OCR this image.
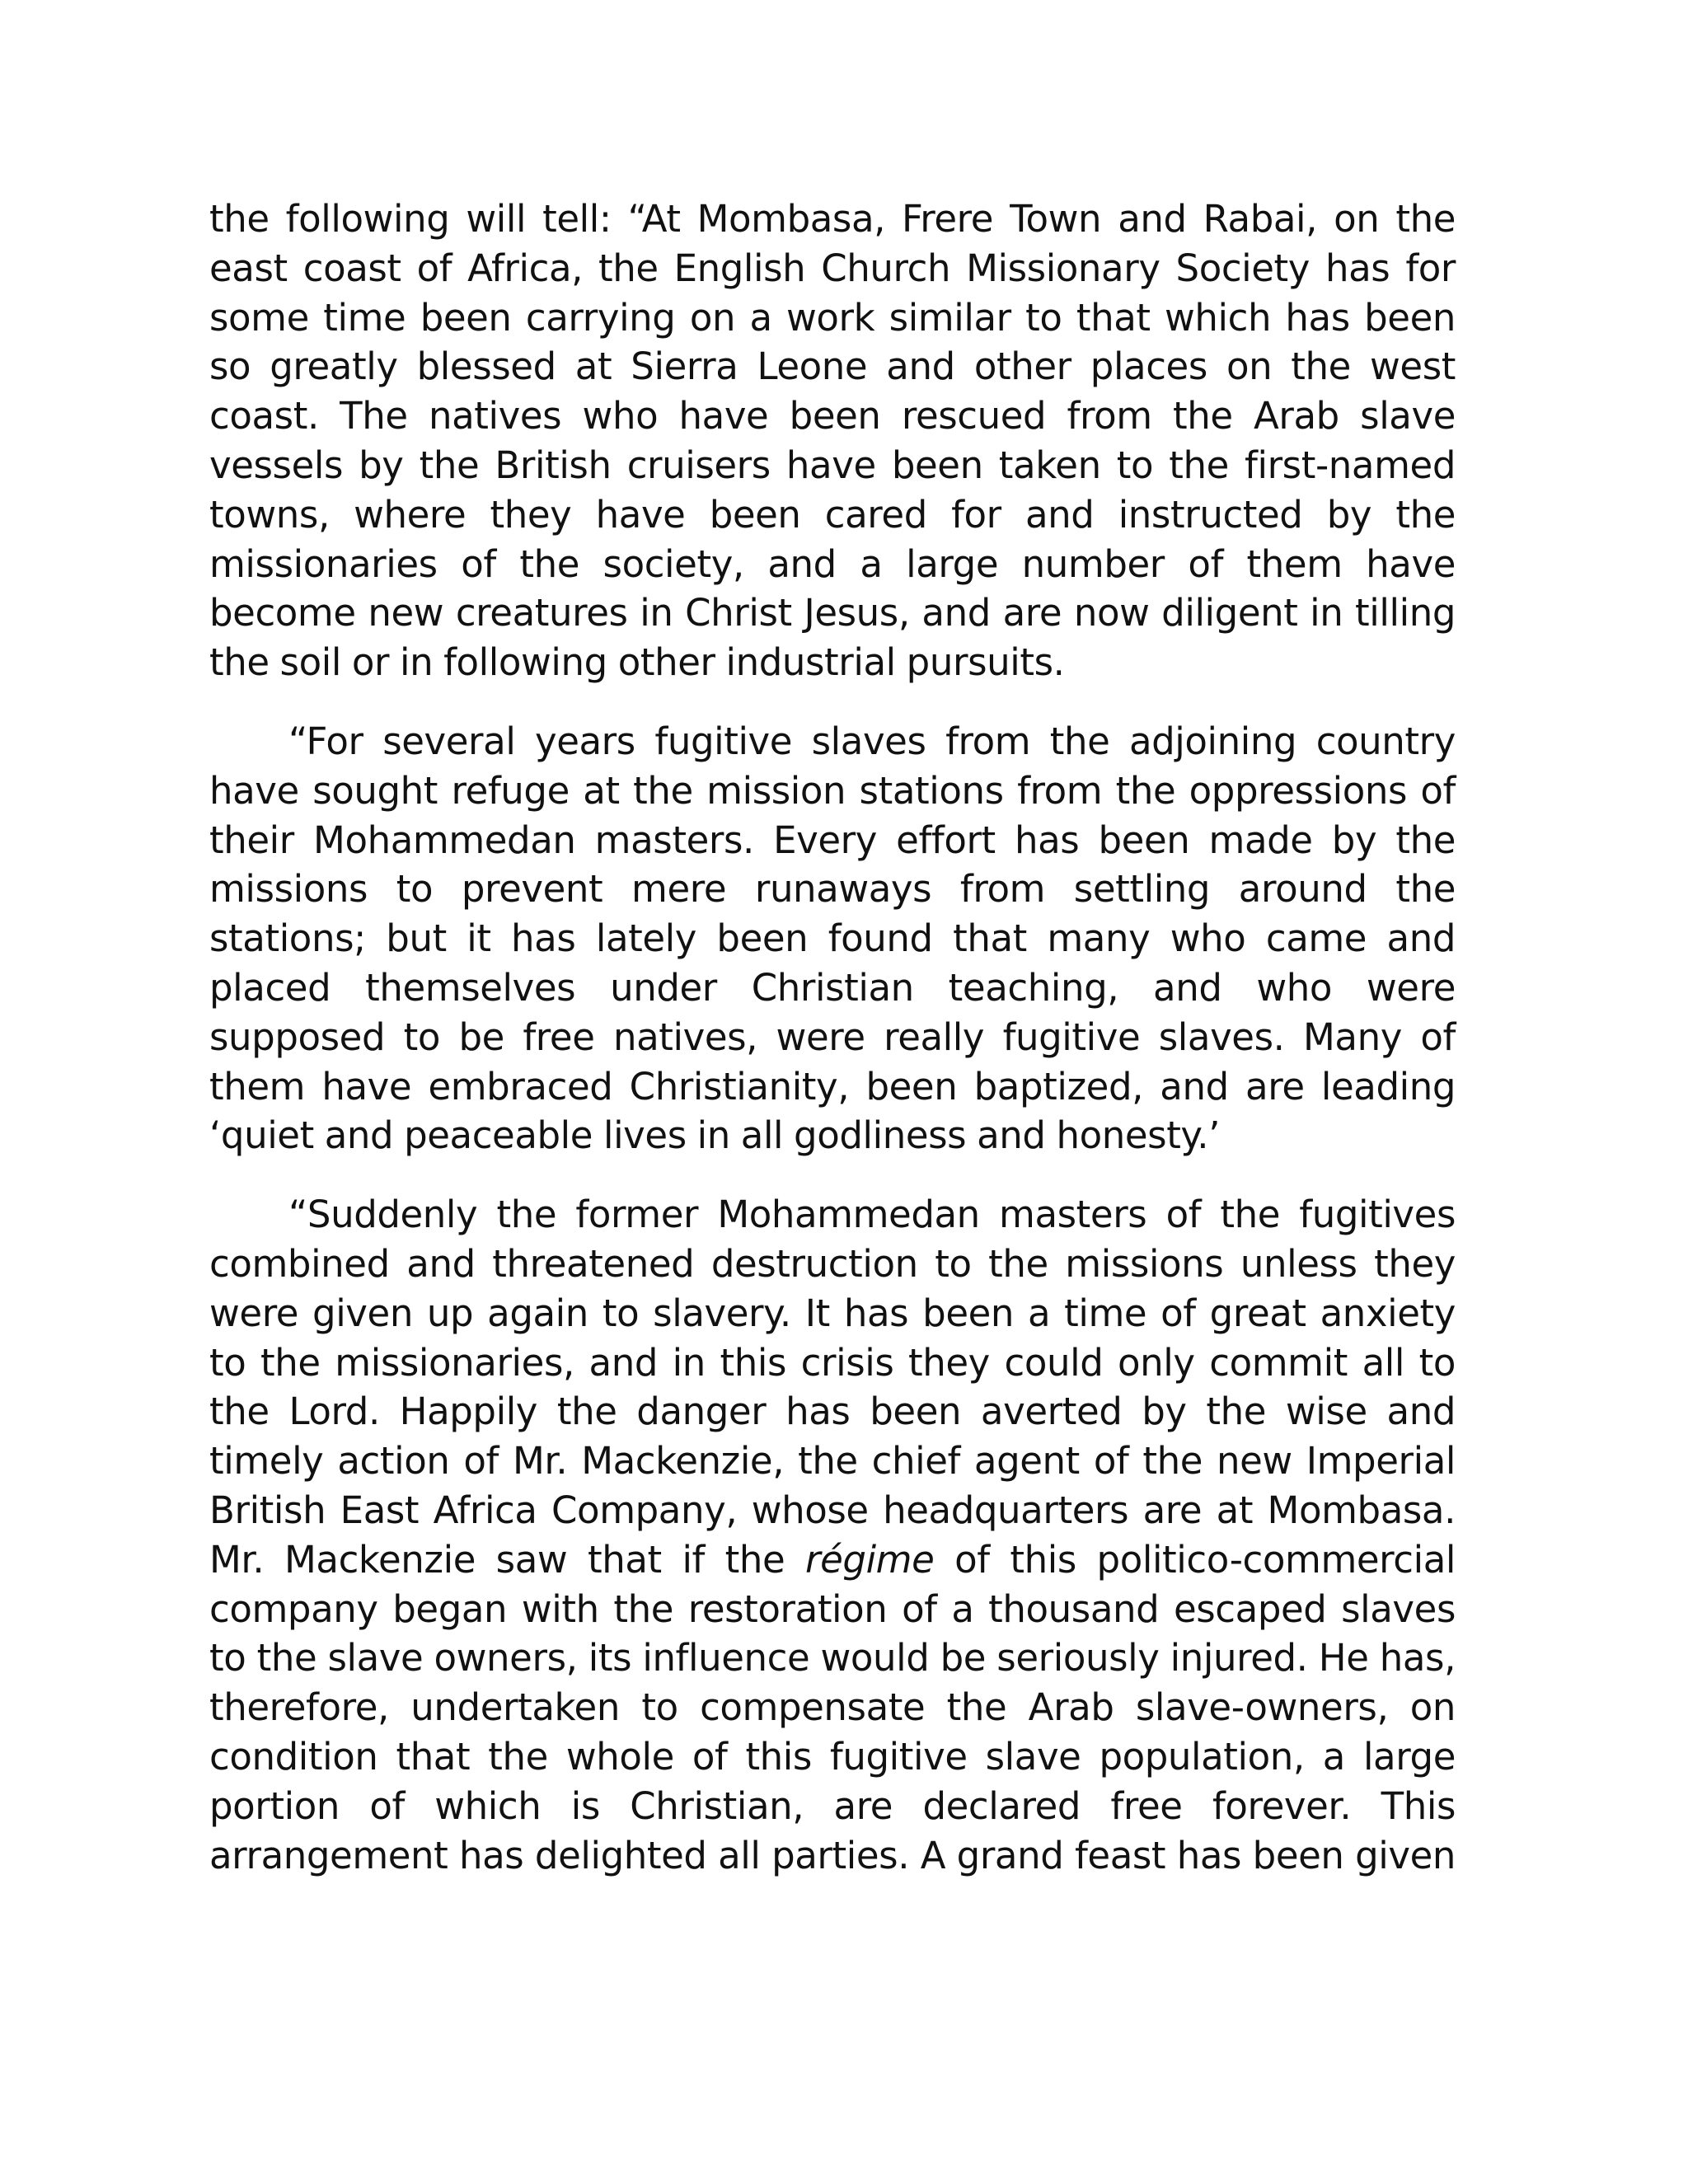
the following will tell: “At Mombasa, Frere Town and Rabai, on the east coast of Africa, the English Church Missionary Society has for some time been carrying on a work similar to that which has been so greatly blessed at Sierra Leone and other places on the west coast. The natives who have been rescued from the Arab slave vessels by the British cruisers have been taken to the first-named towns, where they have been cared for and instructed by the missionaries of the society, and a large number of them have become new creatures in Christ Jesus, and are now diligent in tilling the soil or in following other industrial pursuits.

“For several years fugitive slaves from the adjoining country have sought refuge at the mission stations from the oppressions of their Mohammedan masters. Every effort has been made by the missions to prevent mere runaways from settling around the stations; but it has lately been found that many who came and placed themselves under Christian teaching, and who were supposed to be free natives, were really fugitive slaves. Many of them have embraced Christianity, been baptized, and are leading ‘quiet and peaceable lives in all godliness and honesty.’

“Suddenly the former Mohammedan masters of the fugitives combined and threatened destruction to the missions unless they were given up again to slavery. It has been a time of great anxiety to the missionaries, and in this crisis they could only commit all to the Lord. Happily the danger has been averted by the wise and timely action of Mr. Mackenzie, the chief agent of the new Imperial British East Africa Company, whose headquarters are at Mombasa. Mr. Mackenzie saw that if the régime of this politico-commercial company began with the restoration of a thousand escaped slaves to the slave owners, its influence would be seriously injured. He has, therefore, undertaken to compensate the Arab slave-owners, on condition that the whole of this fugitive slave population, a large portion of which is Christian, are declared free forever. This arrangement has delighted all parties. A grand feast has been given
